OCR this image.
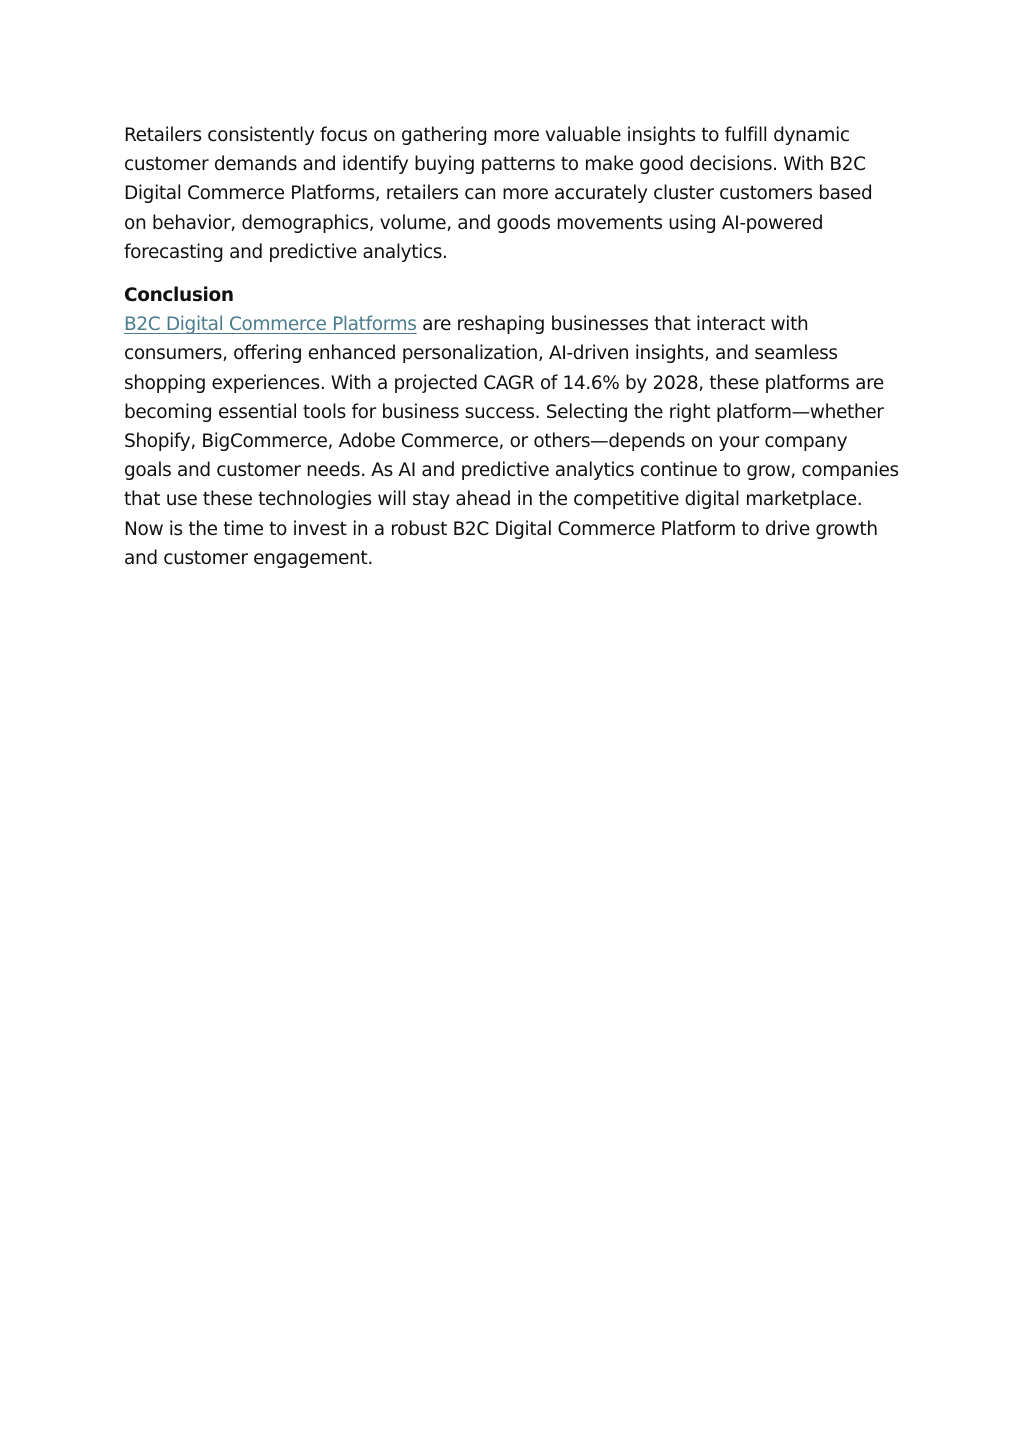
Retailers consistently focus on gathering more valuable insights to fulfill dynamic customer demands and identify buying patterns to make good decisions. With B2C Digital Commerce Platforms, retailers can more accurately cluster customers based on behavior, demographics, volume, and goods movements using AI-powered forecasting and predictive analytics.

Conclusion

B2C Digital Commerce Platforms are reshaping businesses that interact with consumers, offering enhanced personalization, AI-driven insights, and seamless shopping experiences. With a projected CAGR of 14.6% by 2028, these platforms are becoming essential tools for business success. Selecting the right platform—whether Shopify, BigCommerce, Adobe Commerce, or others—depends on your company goals and customer needs. As AI and predictive analytics continue to grow, companies that use these technologies will stay ahead in the competitive digital marketplace. Now is the time to invest in a robust B2C Digital Commerce Platform to drive growth and customer engagement.
